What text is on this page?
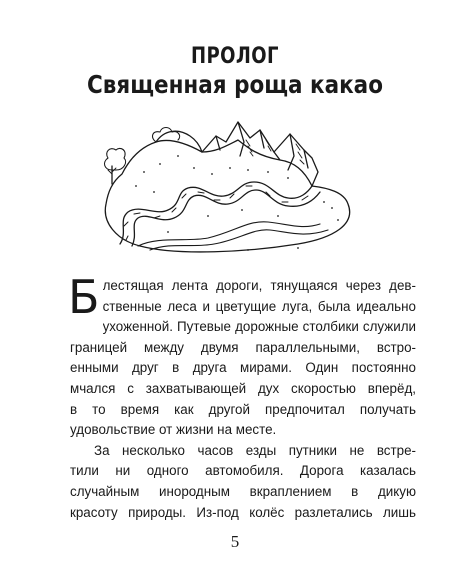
ПРОЛОГ
Священная роща какао
Б лестящая лента дороги, тянущаяся через дев-
ственные леса и цветущие луга, была идеально
ухоженной. Путевые дорожные столбики служили
границей между двумя параллельными, встро-
енными друг в друга мирами. Один постоянно
мчался с захватывающей дух скоростью вперёд,
в то время как другой предпочитал получать
удовольствие от жизни на месте.
За несколько часов езды путники не встре-
тили ни одного автомобиля. Дорога казалась
случайным инородным вкраплением в дикую
красоту природы. Из-под колёс разлетались лишь
5
